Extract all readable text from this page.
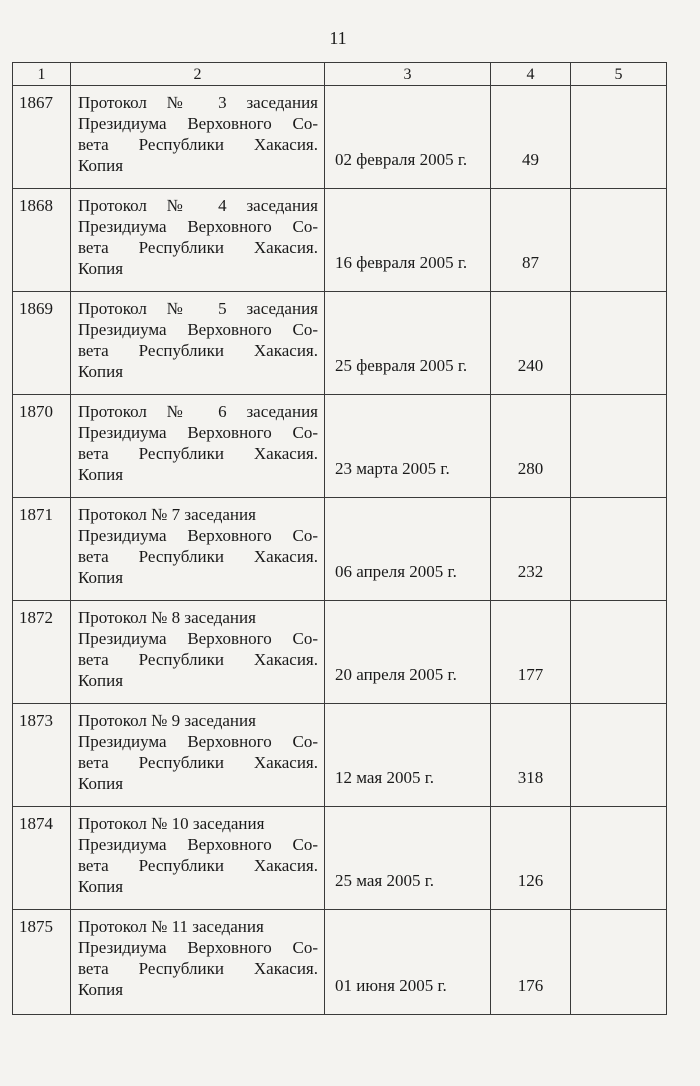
11
1	2	3	4	5
1867	Протокол № 3 заседания
Президиума Верховного Со-
вета Республики Хакасия.
Копия	02 февраля 2005 г.	49	
1868	Протокол № 4 заседания
Президиума Верховного Со-
вета Республики Хакасия.
Копия	16 февраля 2005 г.	87	
1869	Протокол № 5 заседания
Президиума Верховного Со-
вета Республики Хакасия.
Копия	25 февраля 2005 г.	240	
1870	Протокол № 6 заседания
Президиума Верховного Со-
вета Республики Хакасия.
Копия	23 марта 2005 г.	280	
1871	Протокол № 7 заседания
Президиума Верховного Со-
вета Республики Хакасия.
Копия	06 апреля 2005 г.	232	
1872	Протокол № 8 заседания
Президиума Верховного Со-
вета Республики Хакасия.
Копия	20 апреля 2005 г.	177	
1873	Протокол № 9 заседания
Президиума Верховного Со-
вета Республики Хакасия.
Копия	12 мая 2005 г.	318	
1874	Протокол № 10 заседания
Президиума Верховного Со-
вета Республики Хакасия.
Копия	25 мая 2005 г.	126	
1875	Протокол № 11 заседания
Президиума Верховного Со-
вета Республики Хакасия.
Копия	01 июня 2005 г.	176	
